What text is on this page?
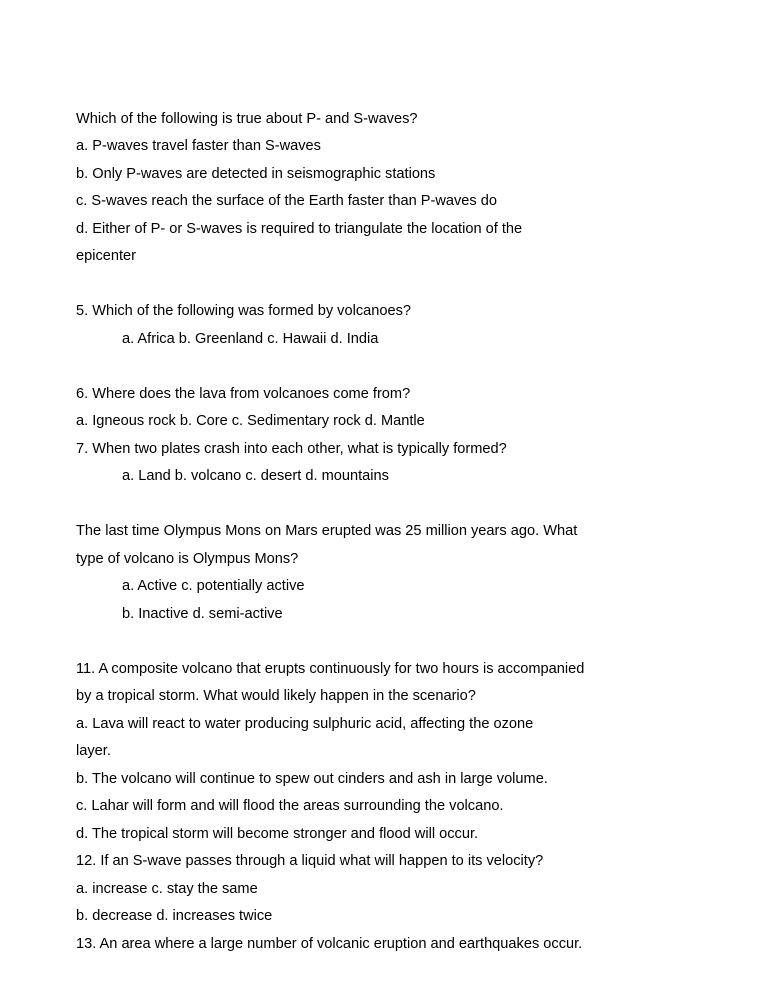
Which of the following is true about P- and S-waves?
a. P-waves travel faster than S-waves
b. Only P-waves are detected in seismographic stations
c. S-waves reach the surface of the Earth faster than P-waves do
d. Either of P- or S-waves is required to triangulate the location of the
epicenter
5. Which of the following was formed by volcanoes?
a. Africa b. Greenland c. Hawaii d. India
6. Where does the lava from volcanoes come from?
a. Igneous rock b. Core c. Sedimentary rock d. Mantle
7. When two plates crash into each other, what is typically formed?
a. Land b. volcano c. desert d. mountains
The last time Olympus Mons on Mars erupted was 25 million years ago. What
type of volcano is Olympus Mons?
a. Active c. potentially active
b. Inactive d. semi-active
11. A composite volcano that erupts continuously for two hours is accompanied
by a tropical storm. What would likely happen in the scenario?
a. Lava will react to water producing sulphuric acid, affecting the ozone
layer.
b. The volcano will continue to spew out cinders and ash in large volume.
c. Lahar will form and will flood the areas surrounding the volcano.
d. The tropical storm will become stronger and flood will occur.
12. If an S-wave passes through a liquid what will happen to its velocity?
a. increase c. stay the same
b. decrease d. increases twice
13. An area where a large number of volcanic eruption and earthquakes occur.
